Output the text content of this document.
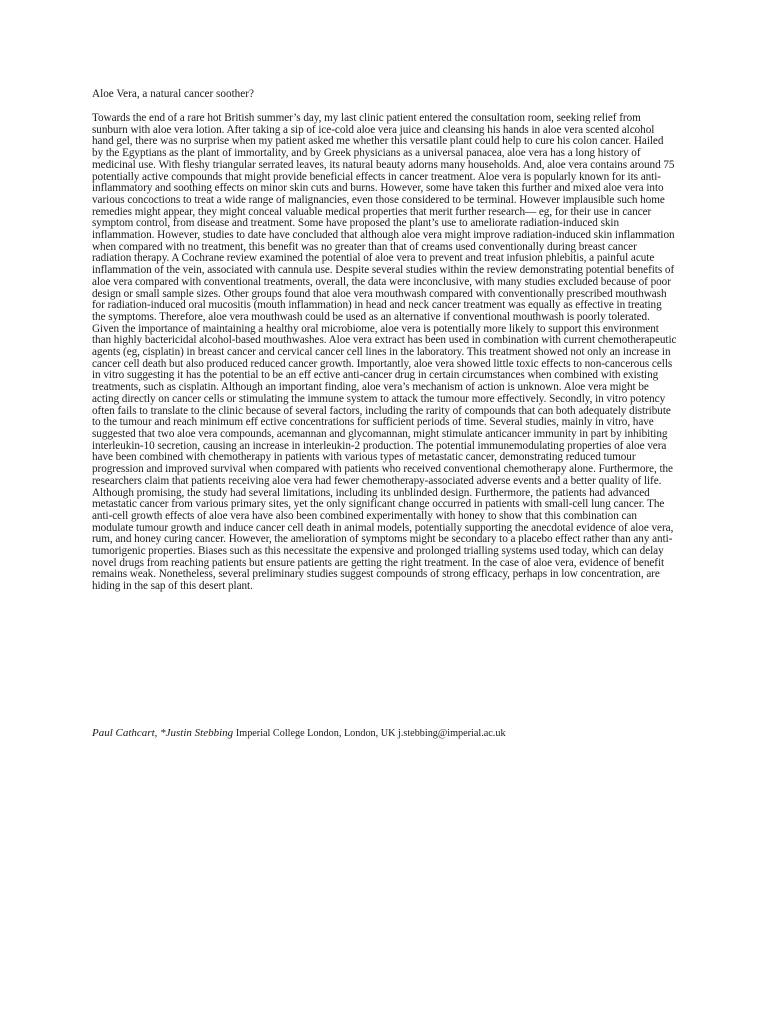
Aloe Vera, a natural cancer soother?

Towards the end of a rare hot British summer’s day, my last clinic patient entered the consultation room, seeking relief from sunburn with aloe vera lotion. After taking a sip of ice-cold aloe vera juice and cleansing his hands in aloe vera scented alcohol hand gel, there was no surprise when my patient asked me whether this versatile plant could help to cure his colon cancer. Hailed by the Egyptians as the plant of immortality, and by Greek physicians as a universal panacea, aloe vera has a long history of medicinal use. With fleshy triangular serrated leaves, its natural beauty adorns many households. And, aloe vera contains around 75 potentially active compounds that might provide beneficial effects in cancer treatment. Aloe vera is popularly known for its anti-inflammatory and soothing effects on minor skin cuts and burns. However, some have taken this further and mixed aloe vera into various concoctions to treat a wide range of malignancies, even those considered to be terminal. However implausible such home remedies might appear, they might conceal valuable medical properties that merit further research— eg, for their use in cancer symptom control, from disease and treatment. Some have proposed the plant’s use to ameliorate radiation-induced skin inflammation. However, studies to date have concluded that although aloe vera might improve radiation-induced skin inflammation when compared with no treatment, this benefit was no greater than that of creams used conventionally during breast cancer radiation therapy. A Cochrane review examined the potential of aloe vera to prevent and treat infusion phlebitis, a painful acute inflammation of the vein, associated with cannula use. Despite several studies within the review demonstrating potential benefits of aloe vera compared with conventional treatments, overall, the data were inconclusive, with many studies excluded because of poor design or small sample sizes. Other groups found that aloe vera mouthwash compared with conventionally prescribed mouthwash for radiation-induced oral mucositis (mouth inflammation) in head and neck cancer treatment was equally as effective in treating the symptoms. Therefore, aloe vera mouthwash could be used as an alternative if conventional mouthwash is poorly tolerated. Given the importance of maintaining a healthy oral microbiome, aloe vera is potentially more likely to support this environment than highly bactericidal alcohol-based mouthwashes. Aloe vera extract has been used in combination with current chemotherapeutic agents (eg, cisplatin) in breast cancer and cervical cancer cell lines in the laboratory. This treatment showed not only an increase in cancer cell death but also produced reduced cancer growth. Importantly, aloe vera showed little toxic effects to non-cancerous cells in vitro suggesting it has the potential to be an eff ective anti-cancer drug in certain circumstances when combined with existing treatments, such as cisplatin. Although an important finding, aloe vera’s mechanism of action is unknown. Aloe vera might be acting directly on cancer cells or stimulating the immune system to attack the tumour more effectively. Secondly, in vitro potency often fails to translate to the clinic because of several factors, including the rarity of compounds that can both adequately distribute to the tumour and reach minimum eff ective concentrations for sufficient periods of time. Several studies, mainly in vitro, have suggested that two aloe vera compounds, acemannan and glycomannan, might stimulate anticancer immunity in part by inhibiting interleukin-10 secretion, causing an increase in interleukin-2 production. The potential immunemodulating properties of aloe vera have been combined with chemotherapy in patients with various types of metastatic cancer, demonstrating reduced tumour progression and improved survival when compared with patients who received conventional chemotherapy alone. Furthermore, the researchers claim that patients receiving aloe vera had fewer chemotherapy-associated adverse events and a better quality of life. Although promising, the study had several limitations, including its unblinded design. Furthermore, the patients had advanced metastatic cancer from various primary sites, yet the only significant change occurred in patients with small-cell lung cancer. The anti-cell growth effects of aloe vera have also been combined experimentally with honey to show that this combination can modulate tumour growth and induce cancer cell death in animal models, potentially supporting the anecdotal evidence of aloe vera, rum, and honey curing cancer. However, the amelioration of symptoms might be secondary to a placebo effect rather than any anti-tumorigenic properties. Biases such as this necessitate the expensive and prolonged trialling systems used today, which can delay novel drugs from reaching patients but ensure patients are getting the right treatment. In the case of aloe vera, evidence of benefit remains weak. Nonetheless, several preliminary studies suggest compounds of strong efficacy, perhaps in low concentration, are hiding in the sap of this desert plant.

Paul Cathcart, *Justin Stebbing Imperial College London, London, UK j.stebbing@imperial.ac.uk
